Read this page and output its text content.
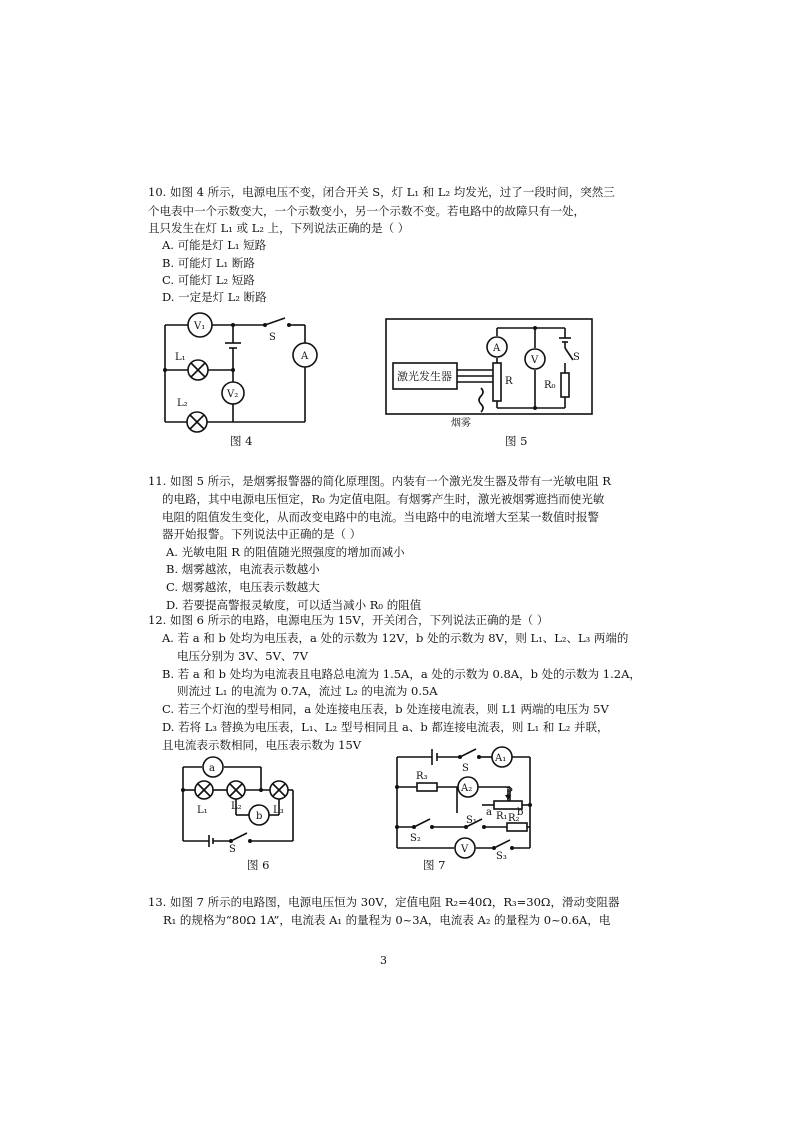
10. 如图 4 所示，电源电压不变，闭合开关 S，灯 L₁ 和 L₂ 均发光，过了一段时间，突然三
个电表中一个示数变大，一个示数变小，另一个示数不变。若电路中的故障只有一处，
且只发生在灯 L₁ 或 L₂ 上，下列说法正确的是（ ）
A. 可能是灯 L₁ 短路
B. 可能灯 L₁ 断路
C. 可能灯 L₂ 短路
D. 一定是灯 L₂ 断路
V₁
V₂
A
L₁
L₂
S
图 4
激光发生器
A
V
R	R₀
S
烟雾
图 5
11. 如图 5 所示，是烟雾报警器的简化原理图。内装有一个激光发生器及带有一光敏电阻 R
的电路，其中电源电压恒定，R₀ 为定值电阻。有烟雾产生时，激光被烟雾遮挡而使光敏
电阻的阻值发生变化，从而改变电路中的电流。当电路中的电流增大至某一数值时报警
器开始报警。下列说法中正确的是（ ）
A. 光敏电阻 R 的阻值随光照强度的增加而减小
B. 烟雾越浓，电流表示数越小
C. 烟雾越浓，电压表示数越大
D. 若要提高警报灵敏度，可以适当减小 R₀ 的阻值
12. 如图 6 所示的电路，电源电压为 15V，开关闭合，下列说法正确的是（ ）
A. 若 a 和 b 处均为电压表，a 处的示数为 12V，b 处的示数为 8V，则 L₁、L₂、L₃ 两端的
电压分别为 3V、5V、7V
B. 若 a 和 b 处均为电流表且电路总电流为 1.5A，a 处的示数为 0.8A，b 处的示数为 1.2A，
则流过 L₁ 的电流为 0.7A，流过 L₂ 的电流为 0.5A
C. 若三个灯泡的型号相同，a 处连接电压表，b 处连接电流表，则 L1 两端的电压为 5V
D. 若将 L₃ 替换为电压表，L₁、L₂ 型号相同且 a、b 都连接电流表，则 L₁ 和 L₂ 并联，
且电流表示数相同，电压表示数为 15V
a
b
L₁ L₂	L₃
S
图 6
A₁
A₂
V
R₃
R₁ R₂
S
S₁
S₂
S₃
P
a	b
图 7
13. 如图 7 所示的电路图，电源电压恒为 30V，定值电阻 R₂=40Ω，R₃=30Ω，滑动变阻器
R₁ 的规格为“80Ω 1A”，电流表 A₁ 的量程为 0~3A，电流表 A₂ 的量程为 0~0.6A，电
3
